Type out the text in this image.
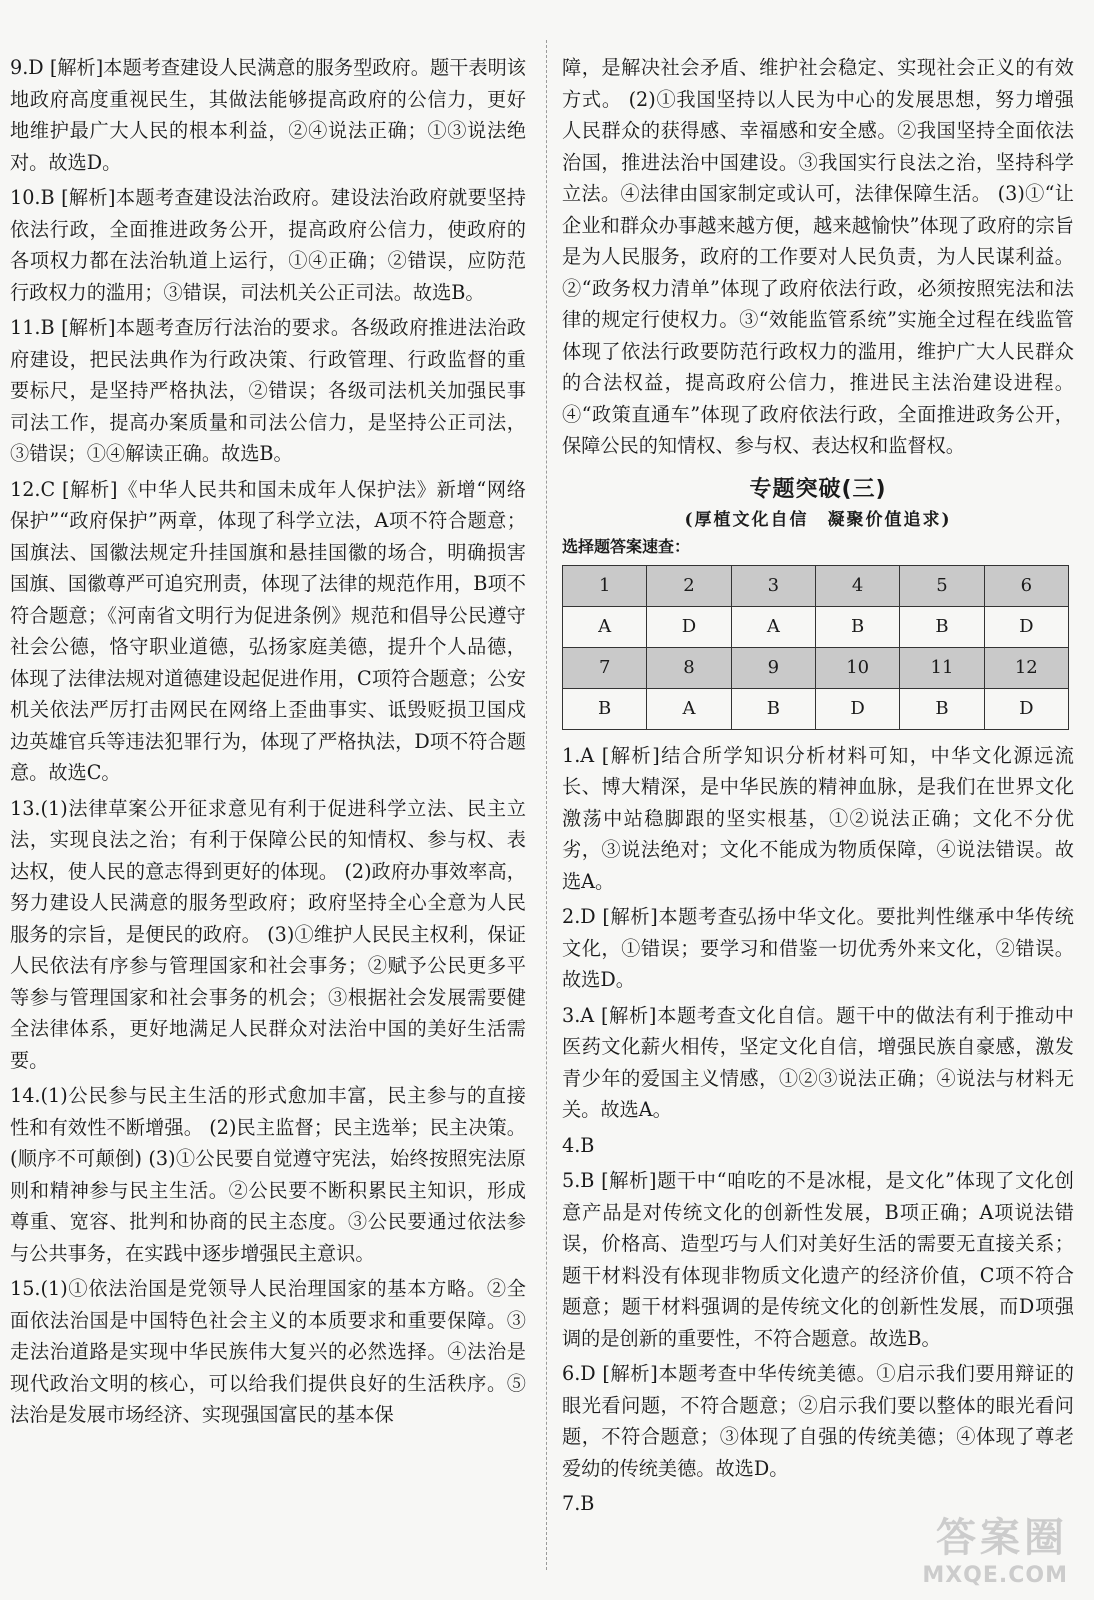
9.D [解析]本题考查建设人民满意的服务型政府。题干表明该地政府高度重视民生，其做法能够提高政府的公信力，更好地维护最广大人民的根本利益，②④说法正确；①③说法绝对。故选D。

10.B [解析]本题考查建设法治政府。建设法治政府就要坚持依法行政，全面推进政务公开，提高政府公信力，使政府的各项权力都在法治轨道上运行，①④正确；②错误，应防范行政权力的滥用；③错误，司法机关公正司法。故选B。

11.B [解析]本题考查厉行法治的要求。各级政府推进法治政府建设，把民法典作为行政决策、行政管理、行政监督的重要标尺，是坚持严格执法，②错误；各级司法机关加强民事司法工作，提高办案质量和司法公信力，是坚持公正司法，③错误；①④解读正确。故选B。

12.C [解析]《中华人民共和国未成年人保护法》新增“网络保护”“政府保护”两章，体现了科学立法，A项不符合题意；国旗法、国徽法规定升挂国旗和悬挂国徽的场合，明确损害国旗、国徽尊严可追究刑责，体现了法律的规范作用，B项不符合题意；《河南省文明行为促进条例》规范和倡导公民遵守社会公德，恪守职业道德，弘扬家庭美德，提升个人品德，体现了法律法规对道德建设起促进作用，C项符合题意；公安机关依法严厉打击网民在网络上歪曲事实、诋毁贬损卫国戍边英雄官兵等违法犯罪行为，体现了严格执法，D项不符合题意。故选C。

13.(1)法律草案公开征求意见有利于促进科学立法、民主立法，实现良法之治；有利于保障公民的知情权、参与权、表达权，使人民的意志得到更好的体现。 (2)政府办事效率高，努力建设人民满意的服务型政府；政府坚持全心全意为人民服务的宗旨，是便民的政府。 (3)①维护人民民主权利，保证人民依法有序参与管理国家和社会事务；②赋予公民更多平等参与管理国家和社会事务的机会；③根据社会发展需要健全法律体系，更好地满足人民群众对法治中国的美好生活需要。

14.(1)公民参与民主生活的形式愈加丰富，民主参与的直接性和有效性不断增强。 (2)民主监督；民主选举；民主决策。(顺序不可颠倒) (3)①公民要自觉遵守宪法，始终按照宪法原则和精神参与民主生活。②公民要不断积累民主知识，形成尊重、宽容、批判和协商的民主态度。③公民要通过依法参与公共事务，在实践中逐步增强民主意识。

15.(1)①依法治国是党领导人民治理国家的基本方略。②全面依法治国是中国特色社会主义的本质要求和重要保障。③走法治道路是实现中华民族伟大复兴的必然选择。④法治是现代政治文明的核心，可以给我们提供良好的生活秩序。⑤法治是发展市场经济、实现强国富民的基本保

障，是解决社会矛盾、维护社会稳定、实现社会正义的有效方式。 (2)①我国坚持以人民为中心的发展思想，努力增强人民群众的获得感、幸福感和安全感。②我国坚持全面依法治国，推进法治中国建设。③我国实行良法之治，坚持科学立法。④法律由国家制定或认可，法律保障生活。 (3)①“让企业和群众办事越来越方便，越来越愉快”体现了政府的宗旨是为人民服务，政府的工作要对人民负责，为人民谋利益。②“政务权力清单”体现了政府依法行政，必须按照宪法和法律的规定行使权力。③“效能监管系统”实施全过程在线监管体现了依法行政要防范行政权力的滥用，维护广大人民群众的合法权益，提高政府公信力，推进民主法治建设进程。④“政策直通车”体现了政府依法行政，全面推进政务公开，保障公民的知情权、参与权、表达权和监督权。

专题突破(三)
(厚植文化自信　凝聚价值追求)
选择题答案速查：
1	2	3	4	5	6
A	D	A	B	B	D
7	8	9	10	11	12
B	A	B	D	B	D

1.A [解析]结合所学知识分析材料可知，中华文化源远流长、博大精深，是中华民族的精神血脉，是我们在世界文化激荡中站稳脚跟的坚实根基，①②说法正确；文化不分优劣，③说法绝对；文化不能成为物质保障，④说法错误。故选A。

2.D [解析]本题考查弘扬中华文化。要批判性继承中华传统文化，①错误；要学习和借鉴一切优秀外来文化，②错误。故选D。

3.A [解析]本题考查文化自信。题干中的做法有利于推动中医药文化薪火相传，坚定文化自信，增强民族自豪感，激发青少年的爱国主义情感，①②③说法正确；④说法与材料无关。故选A。

4.B

5.B [解析]题干中“咱吃的不是冰棍，是文化”体现了文化创意产品是对传统文化的创新性发展，B项正确；A项说法错误，价格高、造型巧与人们对美好生活的需要无直接关系；题干材料没有体现非物质文化遗产的经济价值，C项不符合题意；题干材料强调的是传统文化的创新性发展，而D项强调的是创新的重要性，不符合题意。故选B。

6.D [解析]本题考查中华传统美德。①启示我们要用辩证的眼光看问题，不符合题意；②启示我们要以整体的眼光看问题，不符合题意；③体现了自强的传统美德；④体现了尊老爱幼的传统美德。故选D。

7.B

答案圈
MXQE.COM
